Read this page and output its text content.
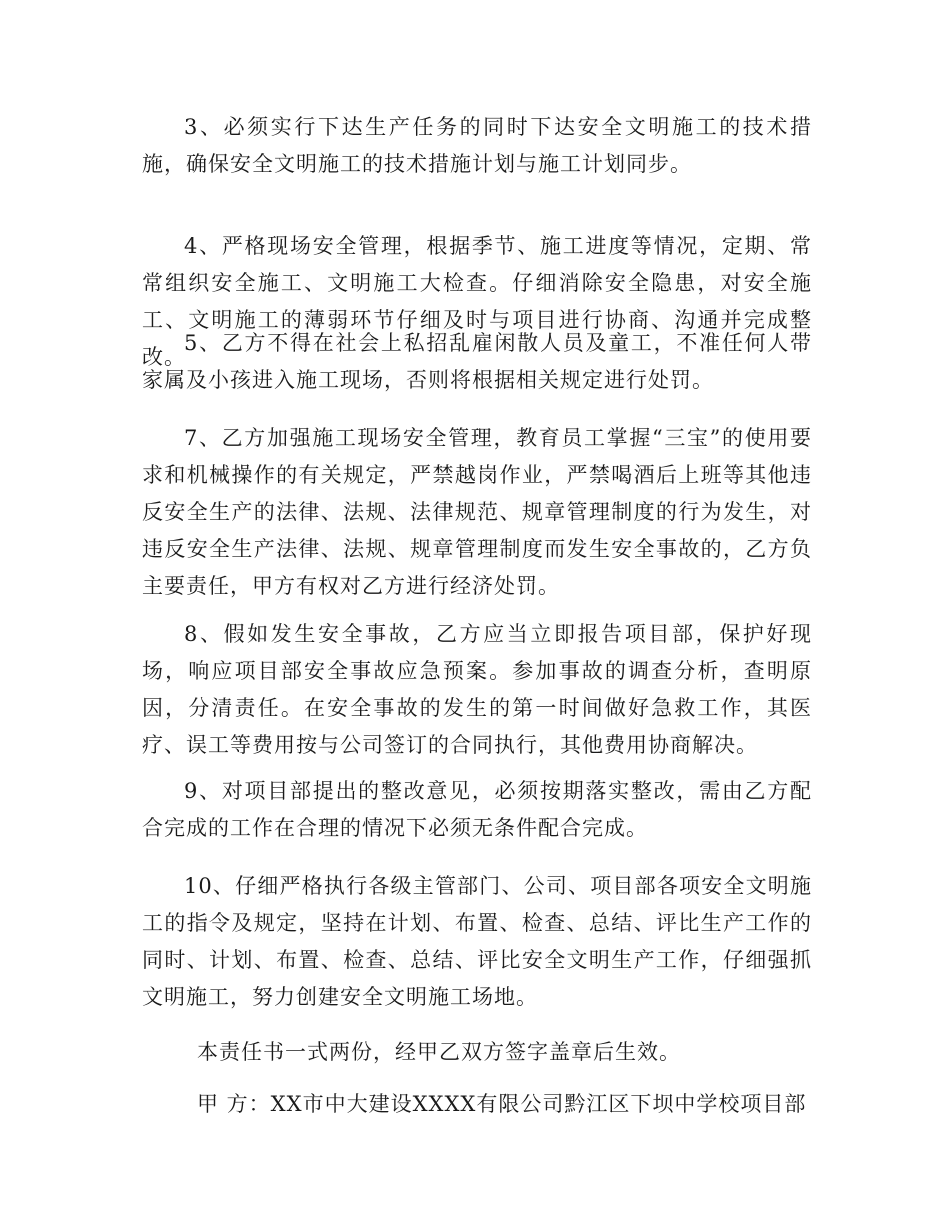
3、必须实行下达生产任务的同时下达安全文明施工的技术措施，确保安全文明施工的技术措施计划与施工计划同步。

4、严格现场安全管理，根据季节、施工进度等情况，定期、常常组织安全施工、文明施工大检查。仔细消除安全隐患，对安全施工、文明施工的薄弱环节仔细及时与项目进行协商、沟通并完成整改。

5、乙方不得在社会上私招乱雇闲散人员及童工，不准任何人带家属及小孩进入施工现场，否则将根据相关规定进行处罚。

7、乙方加强施工现场安全管理，教育员工掌握“三宝”的使用要求和机械操作的有关规定，严禁越岗作业，严禁喝酒后上班等其他违反安全生产的法律、法规、法律规范、规章管理制度的行为发生，对违反安全生产法律、法规、规章管理制度而发生安全事故的，乙方负主要责任，甲方有权对乙方进行经济处罚。

8、假如发生安全事故，乙方应当立即报告项目部，保护好现场，响应项目部安全事故应急预案。参加事故的调查分析，查明原因，分清责任。在安全事故的发生的第一时间做好急救工作，其医疗、误工等费用按与公司签订的合同执行，其他费用协商解决。

9、对项目部提出的整改意见，必须按期落实整改，需由乙方配合完成的工作在合理的情况下必须无条件配合完成。

10、仔细严格执行各级主管部门、公司、项目部各项安全文明施工的指令及规定，坚持在计划、布置、检查、总结、评比生产工作的同时、计划、布置、检查、总结、评比安全文明生产工作，仔细强抓文明施工，努力创建安全文明施工场地。

本责任书一式两份，经甲乙双方签字盖章后生效。

甲 方：XX市中大建设XXXX有限公司黔江区下坝中学校项目部
